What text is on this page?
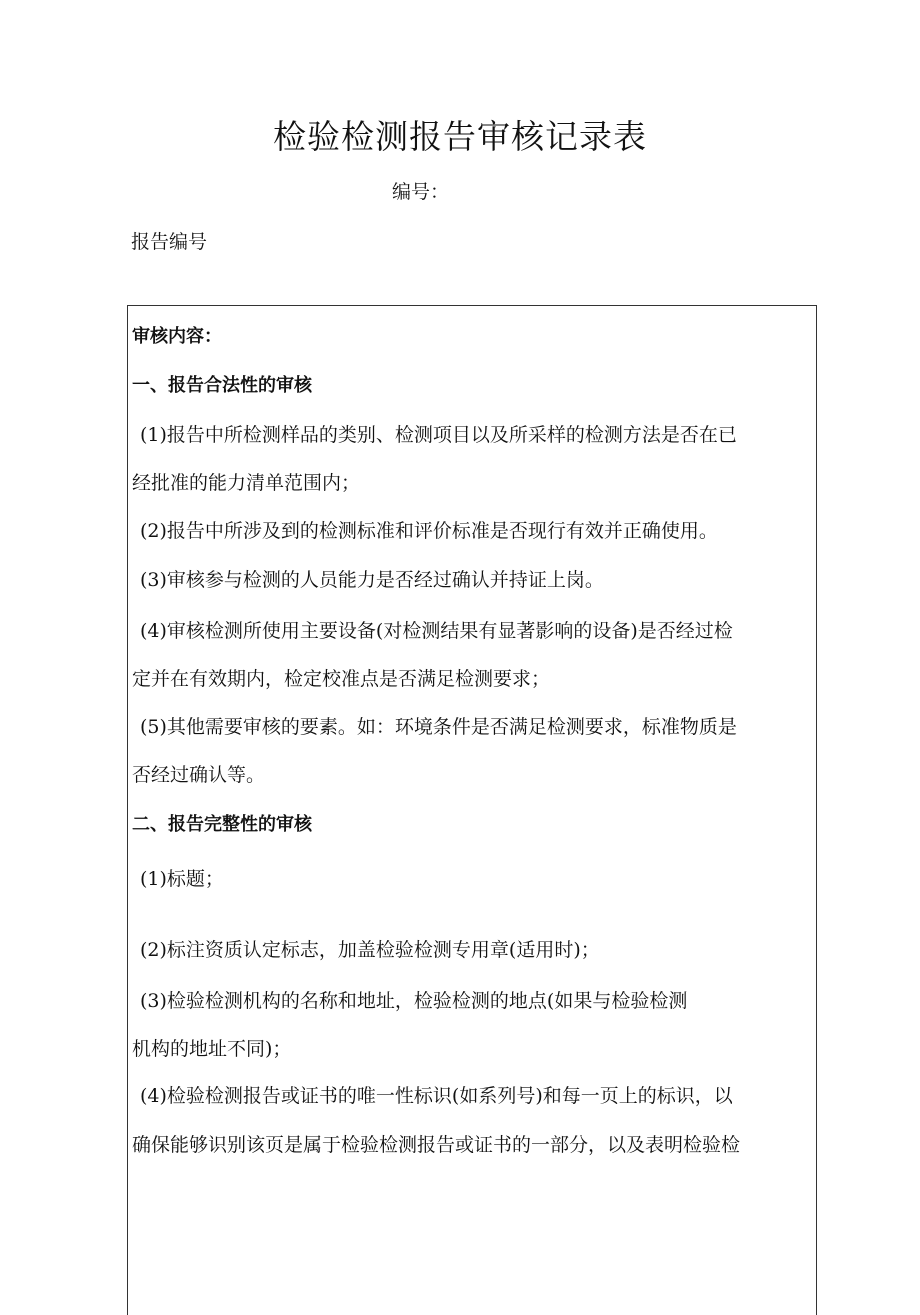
检验检测报告审核记录表
编号：
报告编号
审核内容：
一、报告合法性的审核
(1)报告中所检测样品的类别、检测项目以及所采样的检测方法是否在已
经批准的能力清单范围内；
(2)报告中所涉及到的检测标准和评价标准是否现行有效并正确使用。
(3)审核参与检测的人员能力是否经过确认并持证上岗。
(4)审核检测所使用主要设备(对检测结果有显著影响的设备)是否经过检
定并在有效期内，检定校准点是否满足检测要求；
(5)其他需要审核的要素。如：环境条件是否满足检测要求，标准物质是
否经过确认等。
二、报告完整性的审核
(1)标题；
(2)标注资质认定标志，加盖检验检测专用章(适用时)；
(3)检验检测机构的名称和地址，检验检测的地点(如果与检验检测
机构的地址不同)；
(4)检验检测报告或证书的唯一性标识(如系列号)和每一页上的标识，以
确保能够识别该页是属于检验检测报告或证书的一部分，以及表明检验检
